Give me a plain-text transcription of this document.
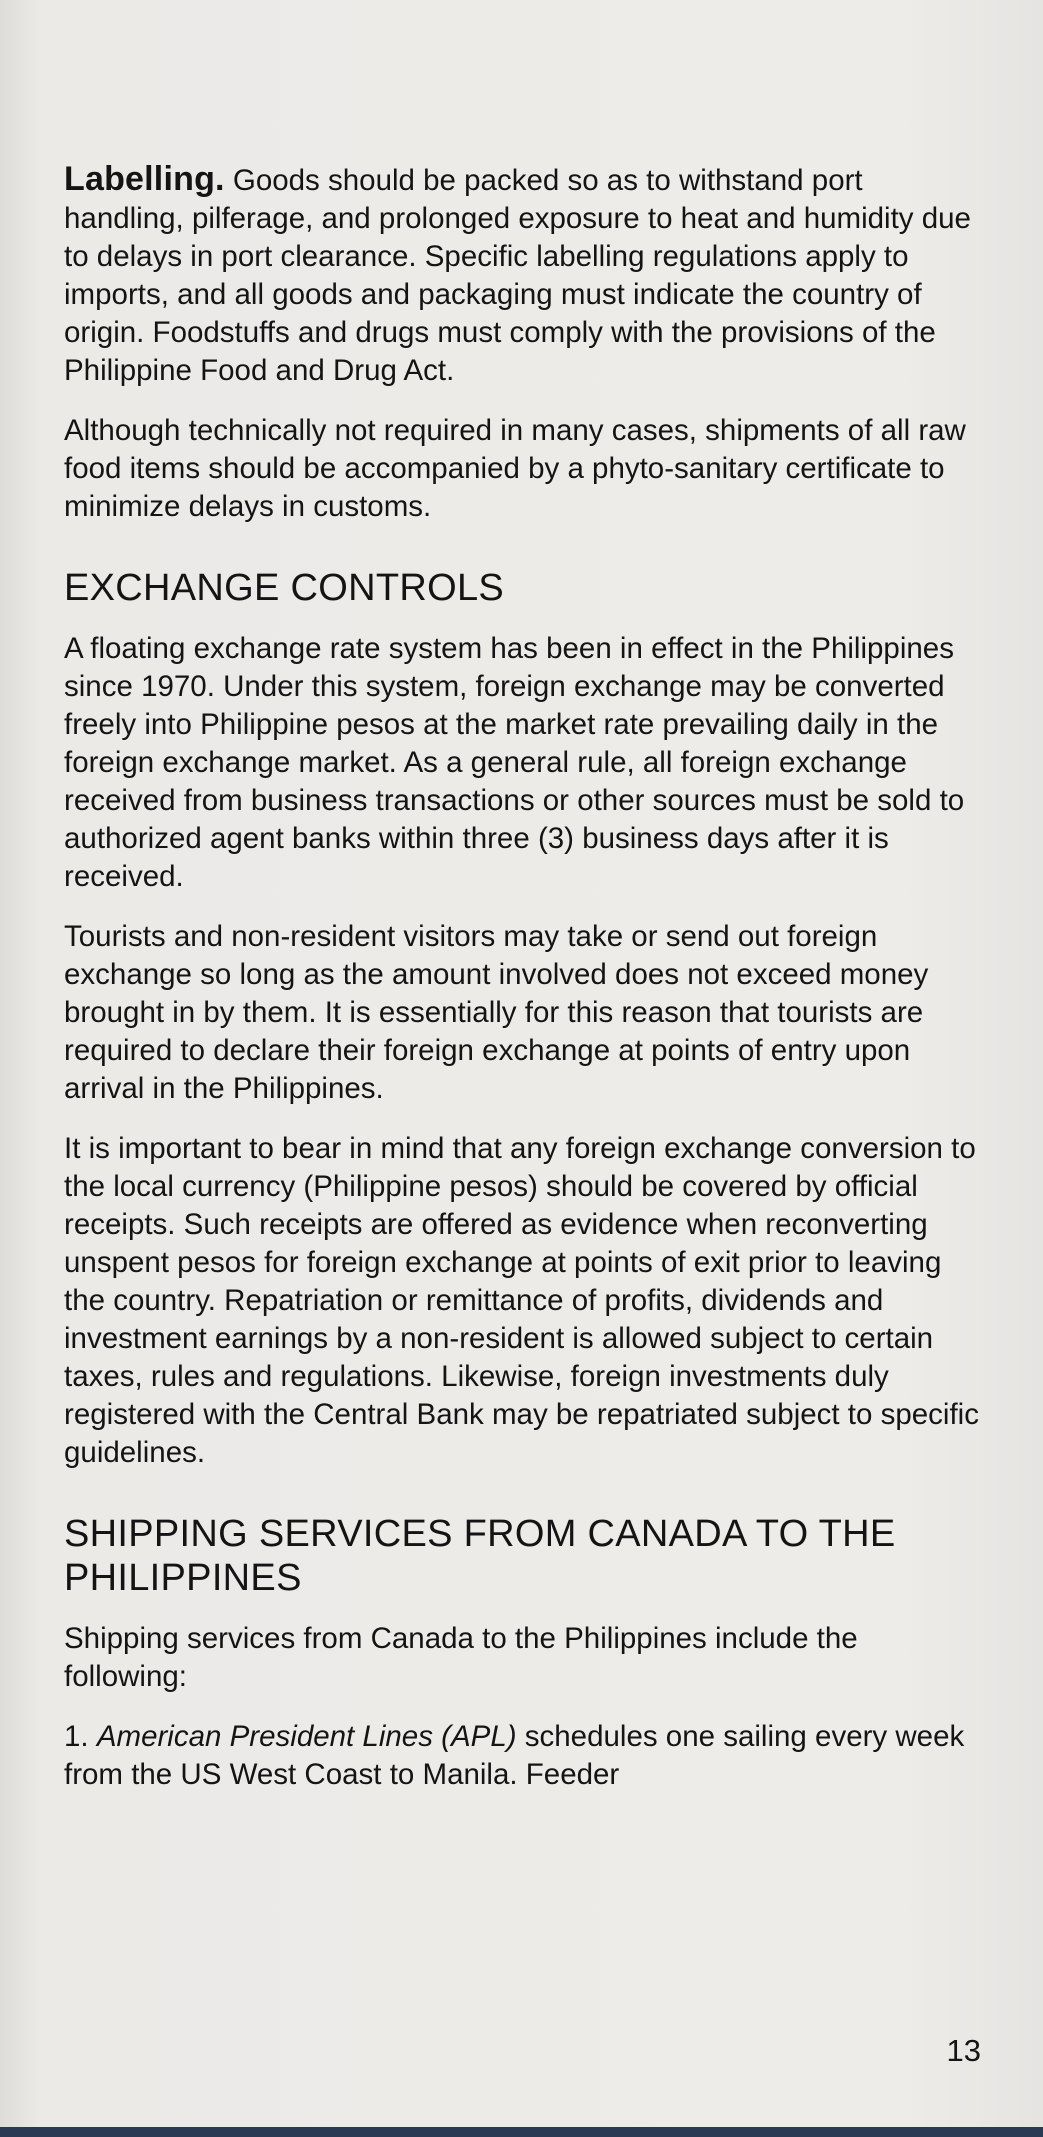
Labelling. Goods should be packed so as to withstand port handling, pilferage, and prolonged exposure to heat and humidity due to delays in port clearance. Specific labelling regulations apply to imports, and all goods and packaging must indicate the country of origin. Foodstuffs and drugs must comply with the provisions of the Philippine Food and Drug Act.

Although technically not required in many cases, shipments of all raw food items should be accompanied by a phyto-sanitary certificate to minimize delays in customs.

EXCHANGE CONTROLS

A floating exchange rate system has been in effect in the Philippines since 1970. Under this system, foreign exchange may be converted freely into Philippine pesos at the market rate prevailing daily in the foreign exchange market. As a general rule, all foreign exchange received from business transactions or other sources must be sold to authorized agent banks within three (3) business days after it is received.

Tourists and non-resident visitors may take or send out foreign exchange so long as the amount involved does not exceed money brought in by them. It is essentially for this reason that tourists are required to declare their foreign exchange at points of entry upon arrival in the Philippines.

It is important to bear in mind that any foreign exchange conversion to the local currency (Philippine pesos) should be covered by official receipts. Such receipts are offered as evidence when reconverting unspent pesos for foreign exchange at points of exit prior to leaving the country. Repatriation or remittance of profits, dividends and investment earnings by a non-resident is allowed subject to certain taxes, rules and regulations. Likewise, foreign investments duly registered with the Central Bank may be repatriated subject to specific guidelines.

SHIPPING SERVICES FROM CANADA TO THE PHILIPPINES

Shipping services from Canada to the Philippines include the following:

1. American President Lines (APL) schedules one sailing every week from the US West Coast to Manila. Feeder

13
